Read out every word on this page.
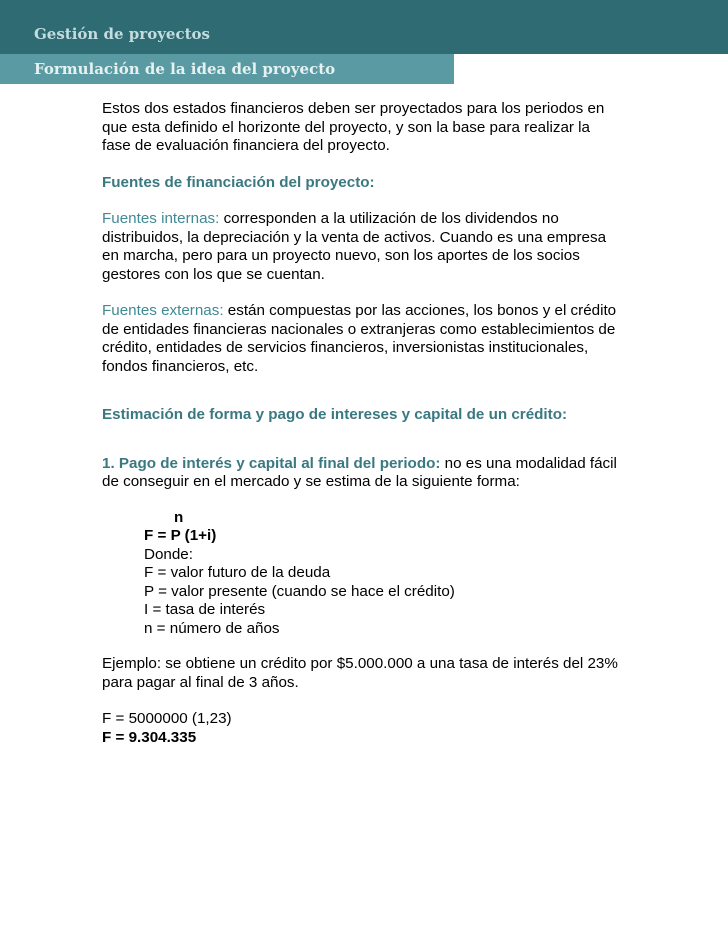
Gestión de proyectos
Formulación de la idea del proyecto

Estos dos estados financieros deben ser proyectados para los periodos en que esta definido el horizonte del proyecto, y son la base para realizar la fase de evaluación financiera del proyecto.

Fuentes de financiación del proyecto:

Fuentes internas: corresponden a la utilización de los dividendos no distribuidos, la depreciación y la venta de activos. Cuando es una empresa en marcha, pero para un proyecto nuevo, son los aportes de los socios gestores con los que se cuentan.

Fuentes externas: están compuestas por las acciones, los bonos y el crédito de entidades financieras nacionales o extranjeras como establecimientos de crédito, entidades de servicios financieros, inversionistas institucionales, fondos financieros, etc.

Estimación de forma y pago de intereses y capital de un crédito:

1. Pago de interés y capital al final del periodo: no es una modalidad fácil de conseguir en el mercado y se estima de la siguiente forma:

n
F = P (1+i)
Donde:
F = valor futuro de la deuda
P = valor presente (cuando se hace el crédito)
I = tasa de interés
n = número de años

Ejemplo: se obtiene un crédito por $5.000.000 a una tasa de interés del 23% para pagar al final de 3 años.

F = 5000000 (1,23)

F = 9.304.335
